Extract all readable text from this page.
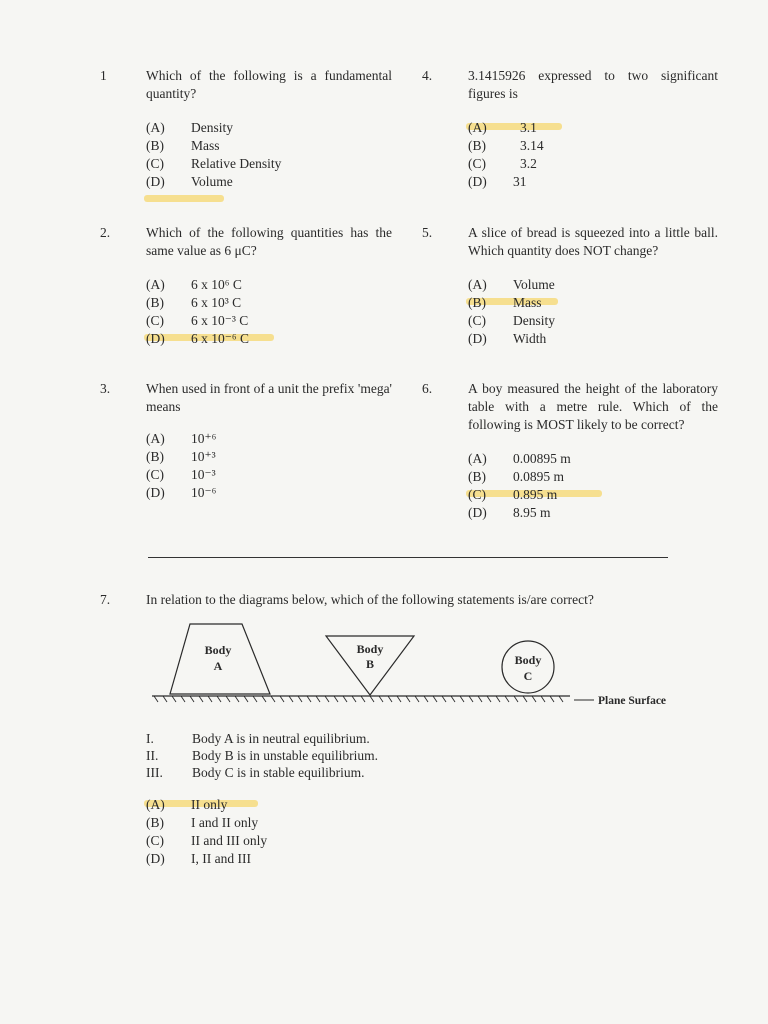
1	Which of the following is a fundamental quantity?
(A) Density
(B) Mass
(C) Relative Density
(D) Volume
4.	3.1415926 expressed to two significant figures is
(A) 3.1
(B)	3.14
(C)	3.2
(D) 31
2.	Which of the following quantities has the same value as 6 μC?
(A) 6 x 10⁶ C
(B) 6 x 10³ C
(C) 6 x 10⁻³ C
(D) 6 x 10⁻⁶ C
5.	A slice of bread is squeezed into a little ball. Which quantity does NOT change?
(A) Volume
(B) Mass
(C) Density
(D) Width
3.	When used in front of a unit the prefix 'mega' means
(A) 10⁺⁶
(B) 10⁺³
(C) 10⁻³
(D) 10⁻⁶
6.	A boy measured the height of the laboratory table with a metre rule. Which of the following is MOST likely to be correct?
(A) 0.00895 m
(B) 0.0895 m
(C) 0.895 m
(D) 8.95 m
7.	In relation to the diagrams below, which of the following statements is/are correct?
Body
A
Body
B	Body
C
Plane Surface
I.	Body A is in neutral equilibrium.
II. Body B is in unstable equilibrium.
III. Body C is in stable equilibrium.
(A) II only
(B) I and II only
(C) II and III only
(D) I, II and III
